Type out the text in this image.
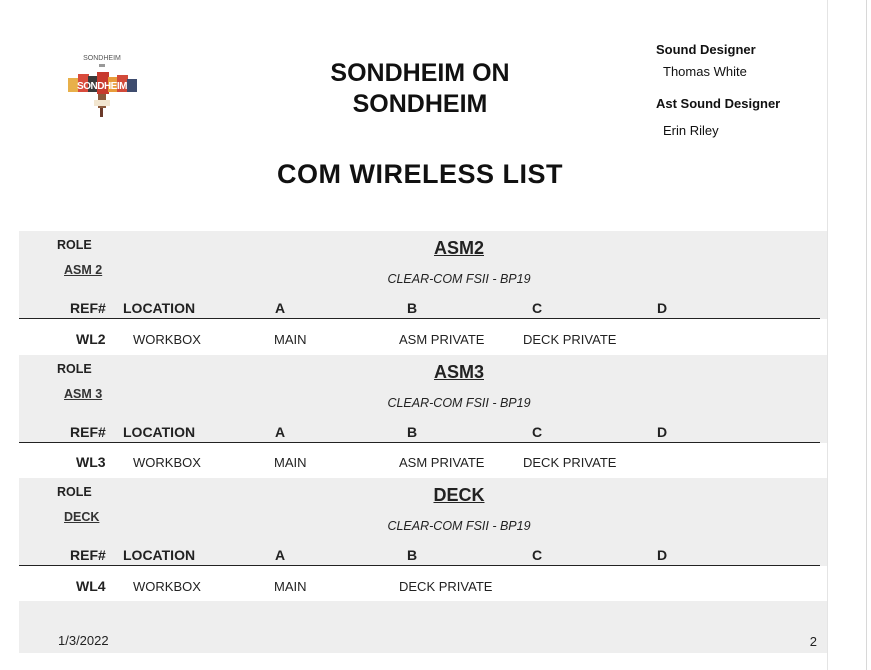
SONDHEIM
SONDHEIM	SONDHEIM ON SONDHEIM
Sound Designer
Thomas White
Ast Sound Designer
Erin Riley
COM WIRELESS LIST
ROLE
ASM 2
ASM2
CLEAR-COM FSII - BP19
REF# LOCATION	A	B	C	D
WL2 WORKBOX	MAIN	ASM PRIVATE	DECK PRIVATE
ROLE
ASM 3
ASM3
CLEAR-COM FSII - BP19
REF# LOCATION	A	B	C	D
WL3 WORKBOX	MAIN	ASM PRIVATE	DECK PRIVATE
ROLE
DECK
DECK
CLEAR-COM FSII - BP19
REF# LOCATION	A	B	C	D
WL4 WORKBOX	MAIN	DECK PRIVATE
1/3/2022	2
